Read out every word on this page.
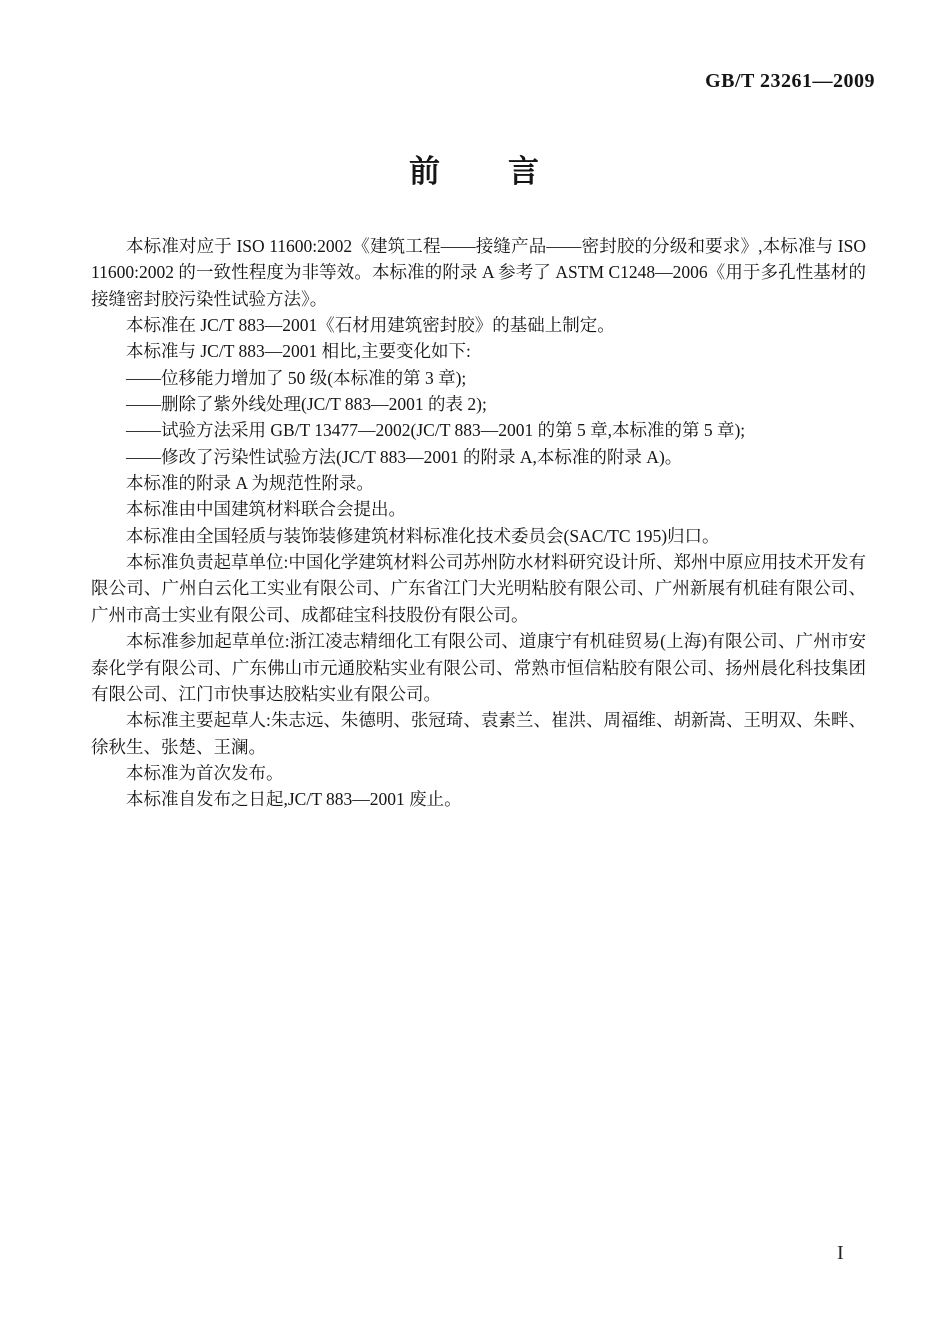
GB/T 23261—2009
前　　言

本标准对应于 ISO 11600:2002《建筑工程——接缝产品——密封胶的分级和要求》,本标准与 ISO 11600:2002 的一致性程度为非等效。本标准的附录 A 参考了 ASTM C1248—2006《用于多孔性基材的接缝密封胶污染性试验方法》。

本标准在 JC/T 883—2001《石材用建筑密封胶》的基础上制定。

本标准与 JC/T 883—2001 相比,主要变化如下:

——位移能力增加了 50 级(本标准的第 3 章);

——删除了紫外线处理(JC/T 883—2001 的表 2);

——试验方法采用 GB/T 13477—2002(JC/T 883—2001 的第 5 章,本标准的第 5 章);

——修改了污染性试验方法(JC/T 883—2001 的附录 A,本标准的附录 A)。

本标准的附录 A 为规范性附录。

本标准由中国建筑材料联合会提出。

本标准由全国轻质与装饰装修建筑材料标准化技术委员会(SAC/TC 195)归口。

本标准负责起草单位:中国化学建筑材料公司苏州防水材料研究设计所、郑州中原应用技术开发有限公司、广州白云化工实业有限公司、广东省江门大光明粘胶有限公司、广州新展有机硅有限公司、广州市高士实业有限公司、成都硅宝科技股份有限公司。

本标准参加起草单位:浙江凌志精细化工有限公司、道康宁有机硅贸易(上海)有限公司、广州市安泰化学有限公司、广东佛山市元通胶粘实业有限公司、常熟市恒信粘胶有限公司、扬州晨化科技集团有限公司、江门市快事达胶粘实业有限公司。

本标准主要起草人:朱志远、朱德明、张冠琦、袁素兰、崔洪、周福维、胡新嵩、王明双、朱畔、徐秋生、张楚、王澜。

本标准为首次发布。

本标准自发布之日起,JC/T 883—2001 废止。

I
